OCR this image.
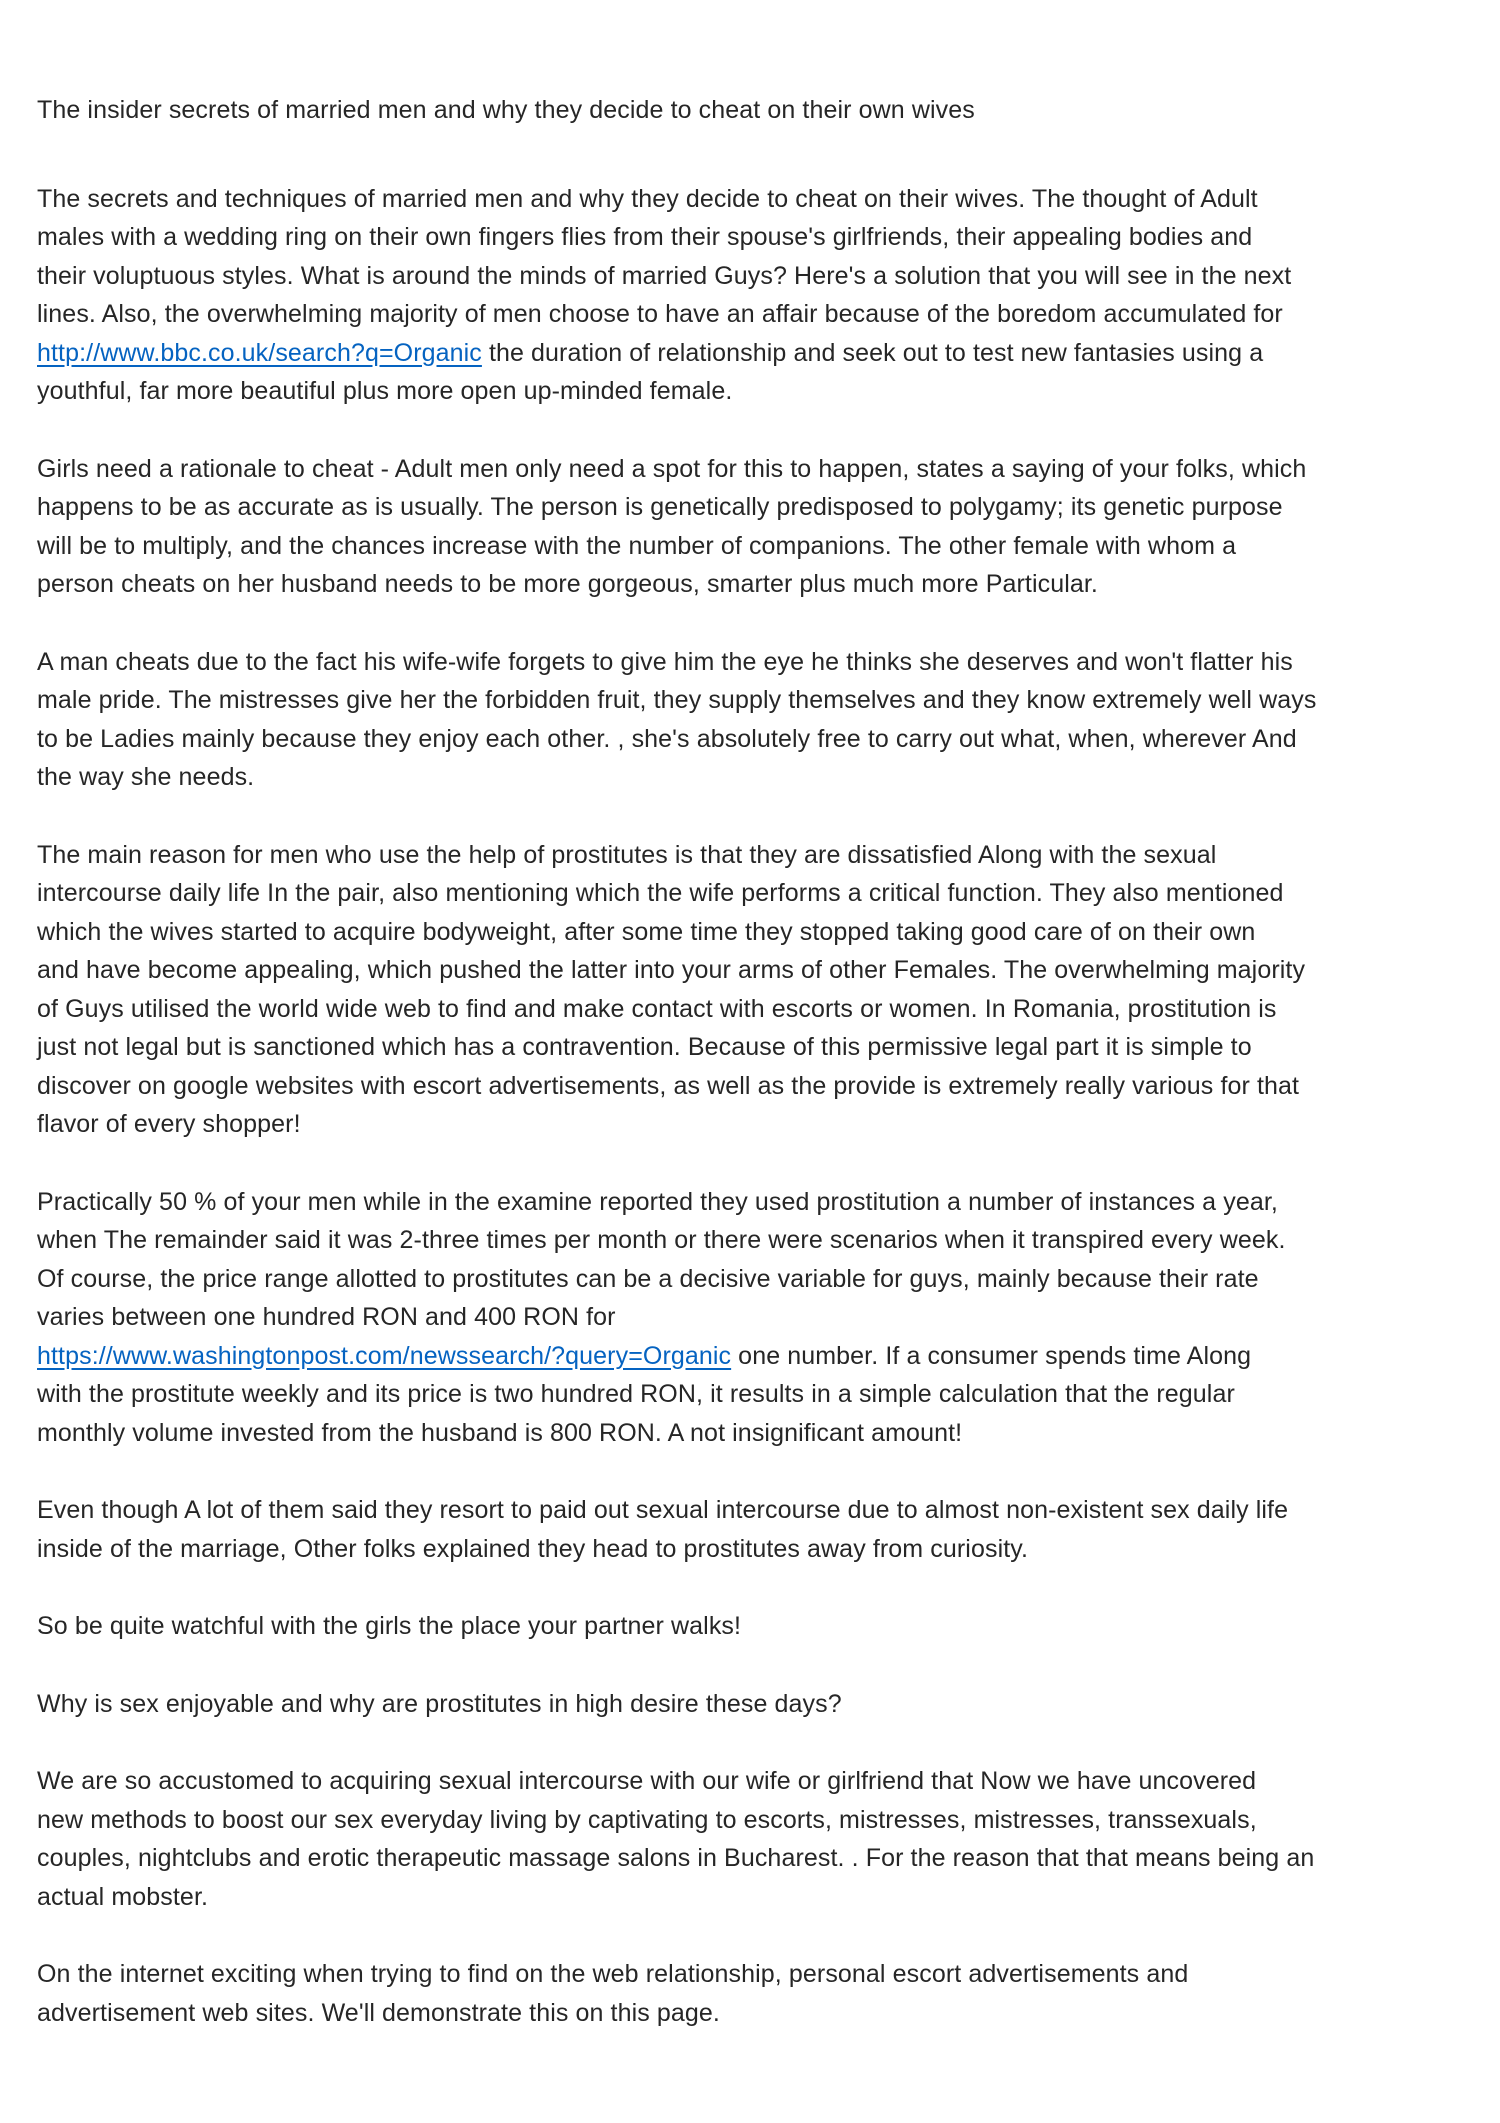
The insider secrets of married men and why they decide to cheat on their own wives

The secrets and techniques of married men and why they decide to cheat on their wives. The thought of Adult
males with a wedding ring on their own fingers flies from their spouse's girlfriends, their appealing bodies and
their voluptuous styles. What is around the minds of married Guys? Here's a solution that you will see in the next
lines. Also, the overwhelming majority of men choose to have an affair because of the boredom accumulated for
http://www.bbc.co.uk/search?q=Organic the duration of relationship and seek out to test new fantasies using a
youthful, far more beautiful plus more open up-minded female.

Girls need a rationale to cheat - Adult men only need a spot for this to happen, states a saying of your folks, which
happens to be as accurate as is usually. The person is genetically predisposed to polygamy; its genetic purpose
will be to multiply, and the chances increase with the number of companions. The other female with whom a
person cheats on her husband needs to be more gorgeous, smarter plus much more Particular.

A man cheats due to the fact his wife-wife forgets to give him the eye he thinks she deserves and won't flatter his
male pride. The mistresses give her the forbidden fruit, they supply themselves and they know extremely well ways
to be Ladies mainly because they enjoy each other. , she's absolutely free to carry out what, when, wherever And
the way she needs.

The main reason for men who use the help of prostitutes is that they are dissatisfied Along with the sexual
intercourse daily life In the pair, also mentioning which the wife performs a critical function. They also mentioned
which the wives started to acquire bodyweight, after some time they stopped taking good care of on their own
and have become appealing, which pushed the latter into your arms of other Females. The overwhelming majority
of Guys utilised the world wide web to find and make contact with escorts or women. In Romania, prostitution is
just not legal but is sanctioned which has a contravention. Because of this permissive legal part it is simple to
discover on google websites with escort advertisements, as well as the provide is extremely really various for that
flavor of every shopper!

Practically 50 % of your men while in the examine reported they used prostitution a number of instances a year,
when The remainder said it was 2-three times per month or there were scenarios when it transpired every week.
Of course, the price range allotted to prostitutes can be a decisive variable for guys, mainly because their rate
varies between one hundred RON and 400 RON for
https://www.washingtonpost.com/newssearch/?query=Organic one number. If a consumer spends time Along
with the prostitute weekly and its price is two hundred RON, it results in a simple calculation that the regular
monthly volume invested from the husband is 800 RON. A not insignificant amount!

Even though A lot of them said they resort to paid out sexual intercourse due to almost non-existent sex daily life
inside of the marriage, Other folks explained they head to prostitutes away from curiosity.

So be quite watchful with the girls the place your partner walks!

Why is sex enjoyable and why are prostitutes in high desire these days?

We are so accustomed to acquiring sexual intercourse with our wife or girlfriend that Now we have uncovered
new methods to boost our sex everyday living by captivating to escorts, mistresses, mistresses, transsexuals,
couples, nightclubs and erotic therapeutic massage salons in Bucharest. . For the reason that that means being an
actual mobster.

On the internet exciting when trying to find on the web relationship, personal escort advertisements and
advertisement web sites. We'll demonstrate this on this page.
